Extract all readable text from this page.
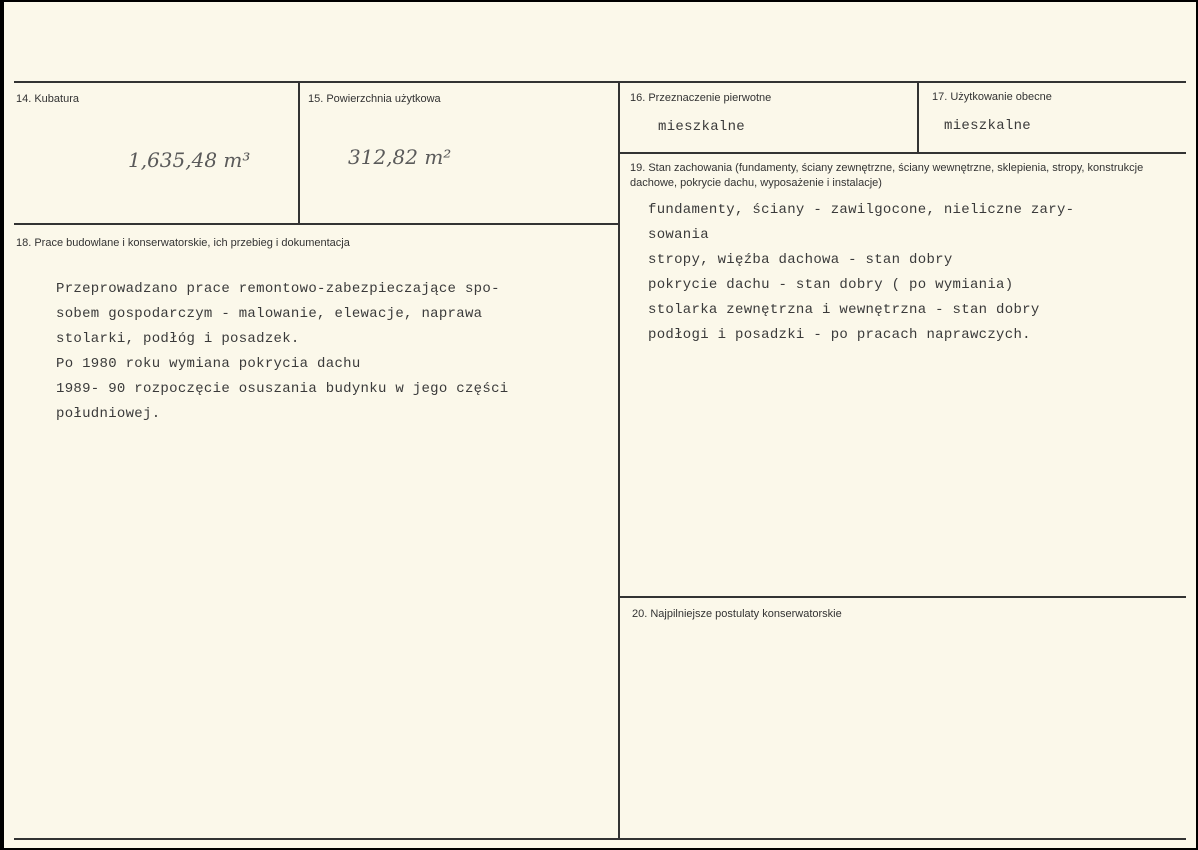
14. Kubatura
1,635,48 m³
15. Powierzchnia użytkowa
312,82 m²
16. Przeznaczenie pierwotne
mieszkalne
17. Użytkowanie obecne
mieszkalne
19. Stan zachowania (fundamenty, ściany zewnętrzne, ściany wewnętrzne, sklepienia, stropy, konstrukcje dachowe, pokrycie dachu, wyposażenie i instalacje)
fundamenty, ściany - zawilgocone, nieliczne zary-
sowania
stropy, więźba dachowa - stan dobry
pokrycie dachu - stan dobry ( po wymiania)
stolarka zewnętrzna i wewnętrzna - stan dobry
podłogi i posadzki - po pracach naprawczych.
18. Prace budowlane i konserwatorskie, ich przebieg i dokumentacja
Przeprowadzano prace remontowo-zabezpieczające spo-
sobem gospodarczym - malowanie, elewacje, naprawa
stolarki, podłóg i posadzek.
Po 1980 roku wymiana pokrycia dachu
1989- 90 rozpoczęcie osuszania budynku w jego części
południowej.
20. Najpilniejsze postulaty konserwatorskie
